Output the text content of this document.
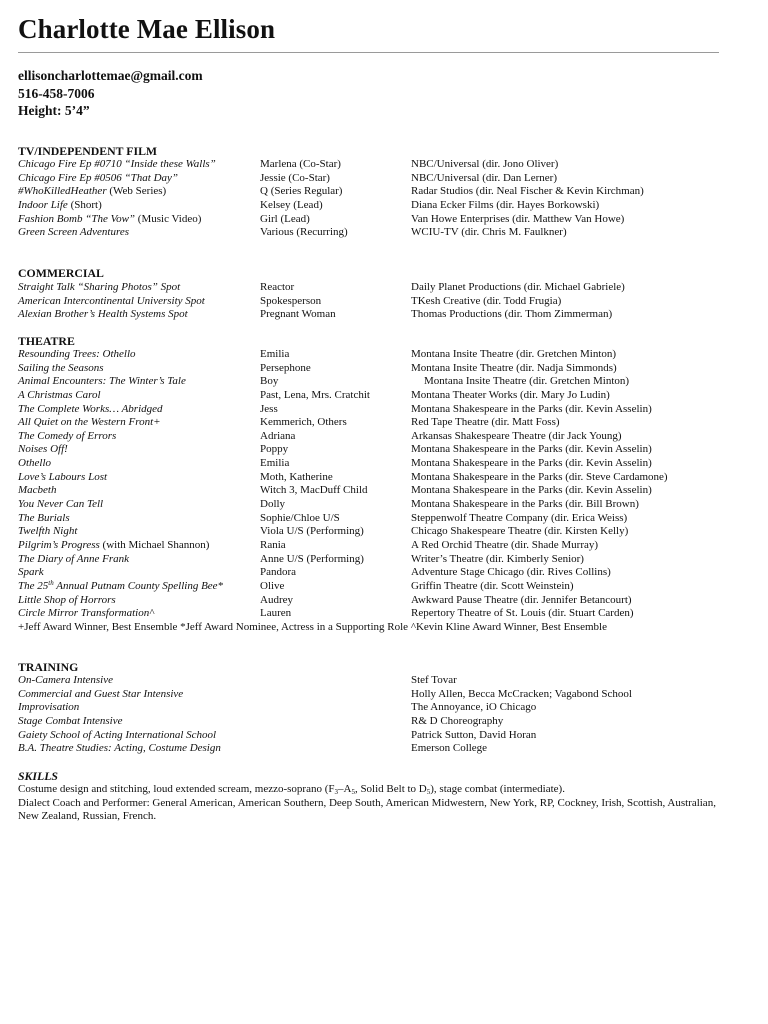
Charlotte Mae Ellison
ellisoncharlottemae@gmail.com
516-458-7006
Height: 5’4”
TV/INDEPENDENT FILM
Chicago Fire Ep #0710 “Inside these Walls”	Marlena (Co-Star)	NBC/Universal (dir. Jono Oliver)
Chicago Fire Ep #0506 “That Day”	Jessie (Co-Star)	NBC/Universal (dir. Dan Lerner)
#WhoKilledHeather (Web Series)	Q (Series Regular)	Radar Studios (dir. Neal Fischer & Kevin Kirchman)
Indoor Life (Short)	Kelsey (Lead)	Diana Ecker Films (dir. Hayes Borkowski)
Fashion Bomb “The Vow” (Music Video)	Girl (Lead)	Van Howe Enterprises (dir. Matthew Van Howe)
Green Screen Adventures	Various (Recurring)	WCIU-TV (dir. Chris M. Faulkner)
COMMERCIAL
Straight Talk “Sharing Photos” Spot	Reactor	Daily Planet Productions (dir. Michael Gabriele)
American Intercontinental University Spot	Spokesperson	TKesh Creative (dir. Todd Frugia)
Alexian Brother’s Health Systems Spot	Pregnant Woman	Thomas Productions (dir. Thom Zimmerman)
THEATRE
Resounding Trees: Othello	Emilia	Montana Insite Theatre (dir. Gretchen Minton)
Sailing the Seasons	Persephone	Montana Insite Theatre (dir. Nadja Simmonds)
Animal Encounters: The Winter’s Tale	Boy	Montana Insite Theatre (dir. Gretchen Minton)
A Christmas Carol	Past, Lena, Mrs. Cratchit	Montana Theater Works (dir. Mary Jo Ludin)
The Complete Works… Abridged	Jess	Montana Shakespeare in the Parks (dir. Kevin Asselin)
All Quiet on the Western Front+	Kemmerich, Others	Red Tape Theatre (dir. Matt Foss)
The Comedy of Errors	Adriana	Arkansas Shakespeare Theatre (dir Jack Young)
Noises Off!	Poppy	Montana Shakespeare in the Parks (dir. Kevin Asselin)
Othello	Emilia	Montana Shakespeare in the Parks (dir. Kevin Asselin)
Love’s Labours Lost	Moth, Katherine	Montana Shakespeare in the Parks (dir. Steve Cardamone)
Macbeth	Witch 3, MacDuff Child	Montana Shakespeare in the Parks (dir. Kevin Asselin)
You Never Can Tell	Dolly	Montana Shakespeare in the Parks (dir. Bill Brown)
The Burials	Sophie/Chloe U/S	Steppenwolf Theatre Company (dir. Erica Weiss)
Twelfth Night	Viola U/S (Performing)	Chicago Shakespeare Theatre (dir. Kirsten Kelly)
Pilgrim’s Progress (with Michael Shannon)	Rania	A Red Orchid Theatre (dir. Shade Murray)
The Diary of Anne Frank	Anne U/S (Performing)	Writer’s Theatre (dir. Kimberly Senior)
Spark	Pandora	Adventure Stage Chicago (dir. Rives Collins)
The 25th Annual Putnam County Spelling Bee*	Olive	Griffin Theatre (dir. Scott Weinstein)
Little Shop of Horrors	Audrey	Awkward Pause Theatre (dir. Jennifer Betancourt)
Circle Mirror Transformation^	Lauren	Repertory Theatre of St. Louis (dir. Stuart Carden)
+Jeff Award Winner, Best Ensemble *Jeff Award Nominee, Actress in a Supporting Role ^Kevin Kline Award Winner, Best Ensemble
TRAINING
On-Camera Intensive	Stef Tovar
Commercial and Guest Star Intensive	Holly Allen, Becca McCracken; Vagabond School
Improvisation	The Annoyance, iO Chicago
Stage Combat Intensive	R& D Choreography
Gaiety School of Acting International School	Patrick Sutton, David Horan
B.A. Theatre Studies: Acting, Costume Design	Emerson College
SKILLS
Costume design and stitching, loud extended scream, mezzo-soprano ($F_3-A_5$, Solid Belt to $D_5$), stage combat (intermediate).
Dialect Coach and Performer: General American, American Southern, Deep South, American Midwestern, New York, RP, Cockney, Irish, Scottish, Australian, New Zealand, Russian, French.
